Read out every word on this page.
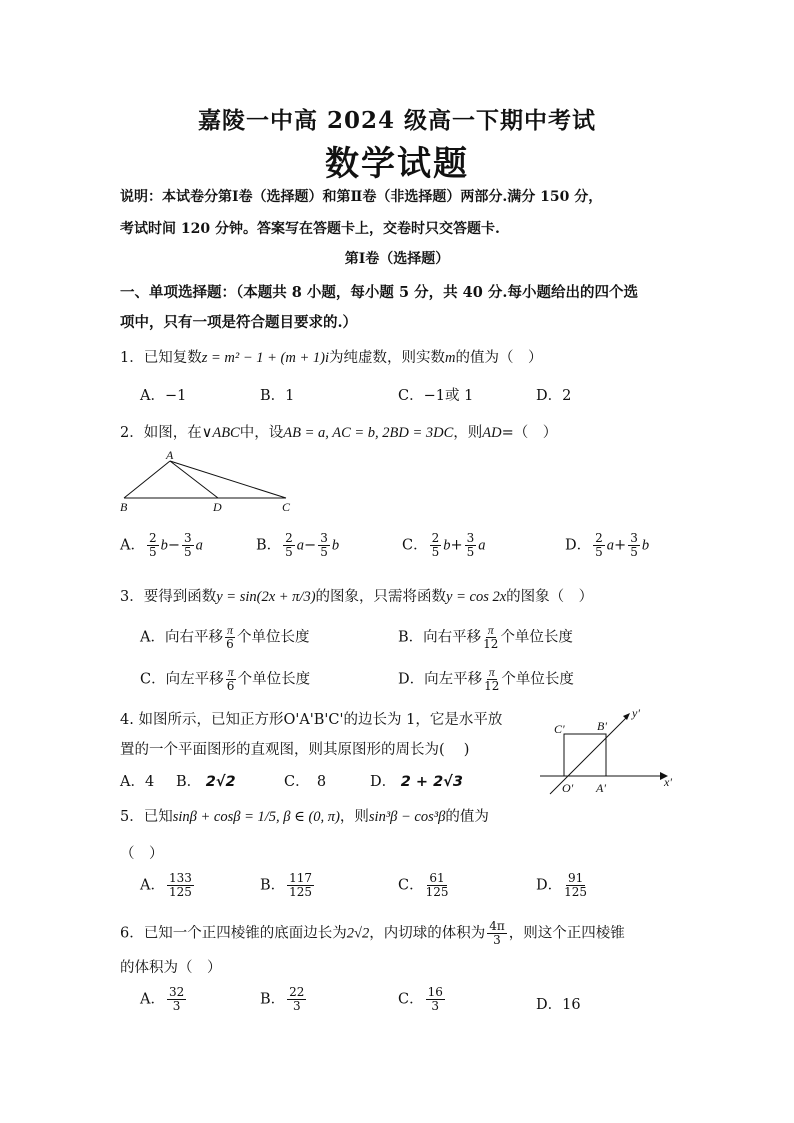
嘉陵一中高 2024 级高一下期中考试
数学试题
说明：本试卷分第Ⅰ卷（选择题）和第Ⅱ卷（非选择题）两部分.满分 150 分，
考试时间 120 分钟。答案写在答题卡上，交卷时只交答题卡.
第Ⅰ卷（选择题）
一、单项选择题：（本题共 8 小题，每小题 5 分，共 40 分.每小题给出的四个选
项中，只有一项是符合题目要求的.）
1．已知复数z = m² − 1 + (m + 1)i为纯虚数，则实数m的值为（　）
A．−1	B．1	C．−1或 1	D．2
2．如图，在∨ABC中，设AB = a, AC = b, 2BD = 3DC，则AD=（　）
A
B	D	C
A． $\frac{2}{5} b- \frac{3}{5}$ a	B． $\frac{2}{5} a- \frac{3}{5}$ b	C． $\frac{2}{5} b+ \frac{3}{5}$ a	D． $\frac{2}{5} a+ \frac{3}{5}$ b
3．要得到函数y = sin(2x + π/3)的图象，只需将函数y = cos 2x的图象（　）
A．向右平移 $\frac{\pi}{6}$ 个单位长度	B．向右平移 $\frac{\pi}{12}$ 个单位长度
C．向左平移 $\frac{\pi}{6}$ 个单位长度	D．向左平移 $\frac{\pi}{12}$ 个单位长度
4. 如图所示，已知正方形O'A'B'C'的边长为 1，它是水平放
置的一个平面图形的直观图，则其原图形的周长为(　 )
A．4 B． 2√2	C．　8	D． 2 + 2√3
C'	B'
O' A'	x'
y'
5．已知sinβ + cosβ = 1/5, β ∈ (0, π)，则sin³β − cos³β的值为
（　）
A． $\frac{133}{125}$	B． $\frac{117}{125}$	C． $\frac{61}{125}$	D． $\frac{91}{125}$
6．已知一个正四棱锥的底面边长为2√2，内切球的体积为 $\frac{4\pi}{3}$ ，则这个正四棱锥
的体积为（　）
A． $\frac{32}{3}$	B． $\frac{22}{3}$	C． $\frac{16}{3}$	D．16
